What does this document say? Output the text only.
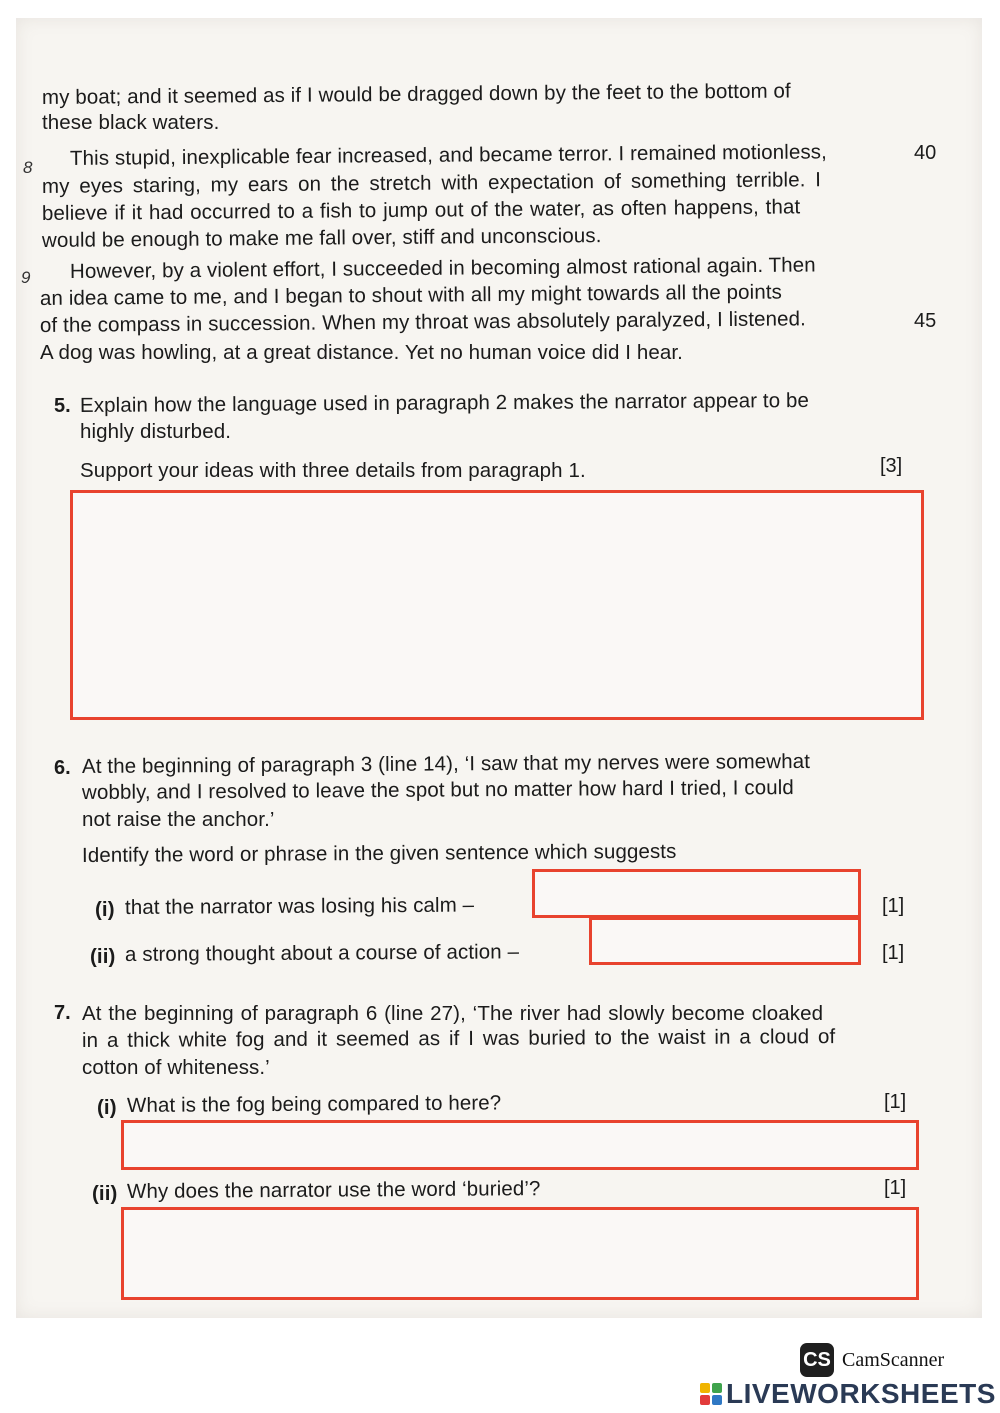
my boat; and it seemed as if I would be dragged down by the feet to the bottom of
these black waters.
8 This stupid, inexplicable fear increased, and became terror. I remained motionless,	40
my eyes staring, my ears on the stretch with expectation of something terrible. I
believe if it had occurred to a fish to jump out of the water, as often happens, that
would be enough to make me fall over, stiff and unconscious.
9 However, by a violent effort, I succeeded in becoming almost rational again. Then
an idea came to me, and I began to shout with all my might towards all the points
of the compass in succession. When my throat was absolutely paralyzed, I listened.	45
A dog was howling, at a great distance. Yet no human voice did I hear.
5. Explain how the language used in paragraph 2 makes the narrator appear to be
highly disturbed.
Support your ideas with three details from paragraph 1.	[3]
6. At the beginning of paragraph 3 (line 14), ‘I saw that my nerves were somewhat
wobbly, and I resolved to leave the spot but no matter how hard I tried, I could
not raise the anchor.’
Identify the word or phrase in the given sentence which suggests
(i) that the narrator was losing his calm –	[1]
(ii) a strong thought about a course of action –	[1]
7. At the beginning of paragraph 6 (line 27), ‘The river had slowly become cloaked
in a thick white fog and it seemed as if I was buried to the waist in a cloud of
cotton of whiteness.’
(i) What is the fog being compared to here?	[1]
(ii) Why does the narrator use the word ‘buried’?	[1]
CS CamScanner
LIVEWORKSHEETS
